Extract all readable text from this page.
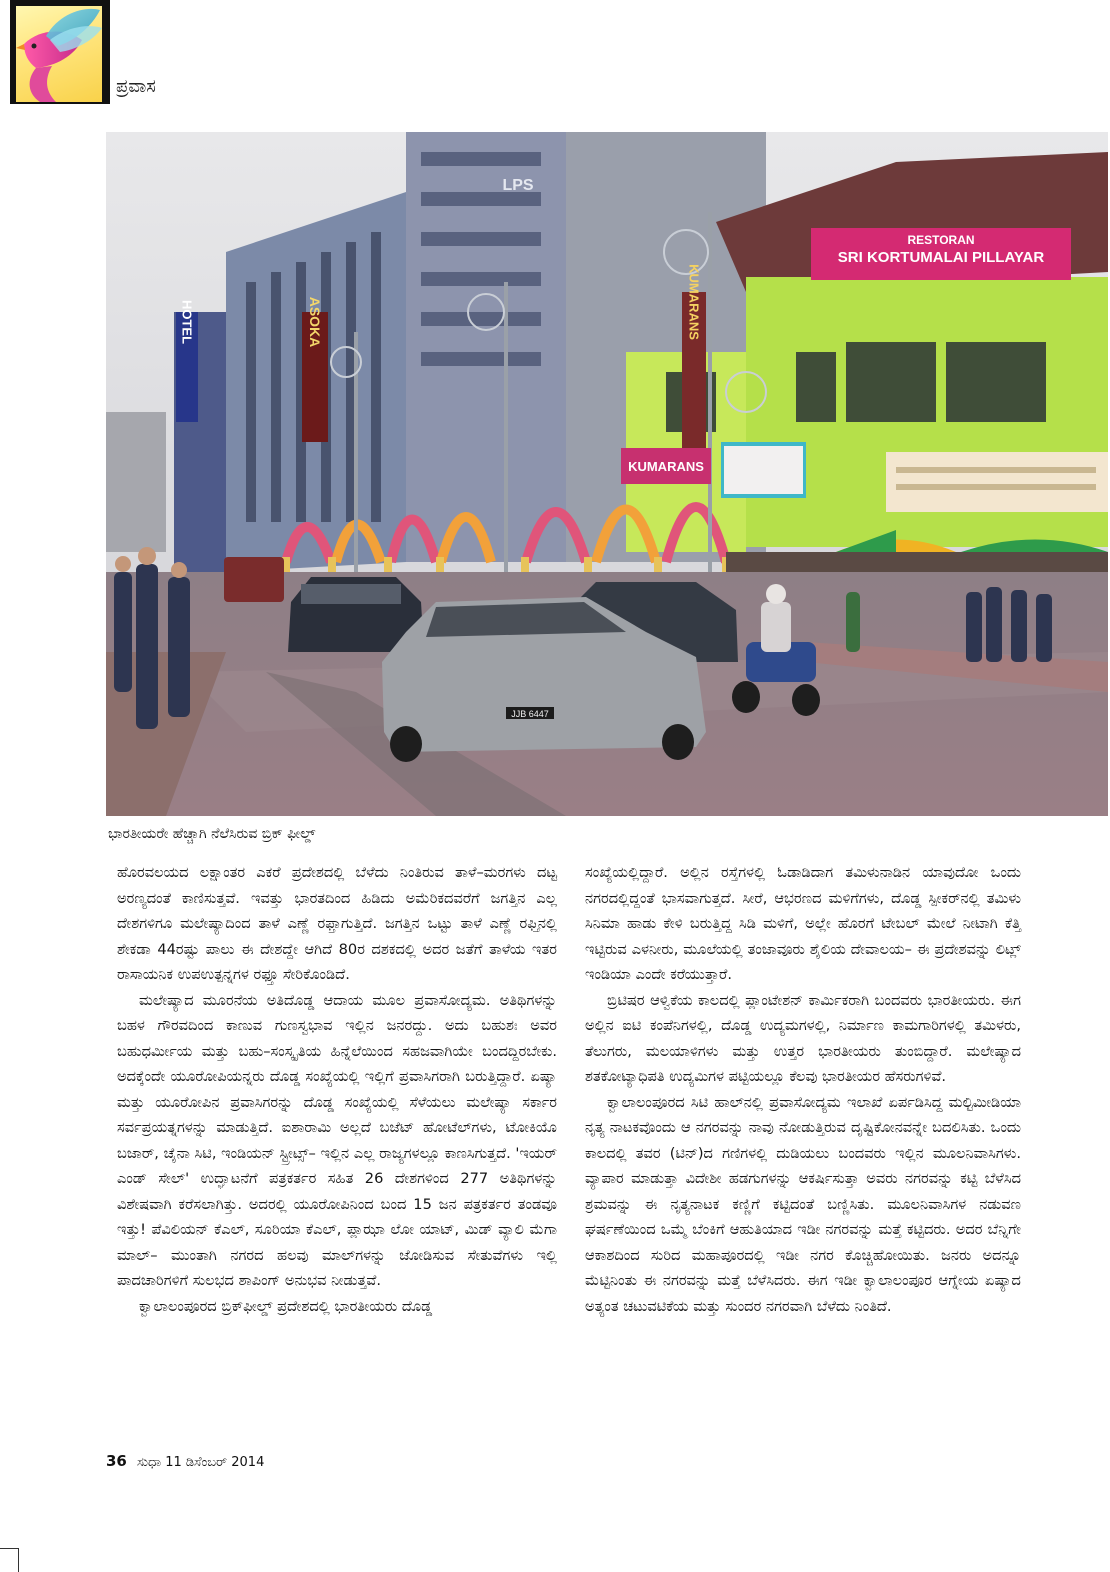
ಪ್ರವಾಸ
JJB 6447
RESTORAN
SRI KORTUMALAI PILLAYAR
HOTEL	ASOKA	KUMARANS
KUMARANS
LPS
ಭಾರತೀಯರೇ ಹೆಚ್ಚಾಗಿ ನೆಲೆಸಿರುವ ಬ್ರಿಕ್ ಫೀಲ್ಡ್

ಹೊರವಲಯದ ಲಕ್ಷಾಂತರ ಎಕರೆ ಪ್ರದೇಶದಲ್ಲಿ ಬೆಳೆದು ನಿಂತಿರುವ ತಾಳೆ–ಮರಗಳು ದಟ್ಟ ಅರಣ್ಯದಂತೆ ಕಾಣಿಸುತ್ತವೆ. ಇವತ್ತು ಭಾರತದಿಂದ ಹಿಡಿದು ಅಮೆರಿಕದವರೆಗೆ ಜಗತ್ತಿನ ಎಲ್ಲ ದೇಶಗಳಿಗೂ ಮಲೇಷ್ಯಾದಿಂದ ತಾಳೆ ಎಣ್ಣೆ ರಫ್ತಾಗುತ್ತಿದೆ. ಜಗತ್ತಿನ ಒಟ್ಟು ತಾಳೆ ಎಣ್ಣೆ ರಫ್ತಿನಲ್ಲಿ ಶೇಕಡಾ 44ರಷ್ಟು ಪಾಲು ಈ ದೇಶದ್ದೇ ಆಗಿದೆ 80ರ ದಶಕದಲ್ಲಿ ಅದರ ಜತೆಗೆ ತಾಳೆಯ ಇತರ ರಾಸಾಯನಿಕ ಉಪಉತ್ಪನ್ನಗಳ ರಫ್ತೂ ಸೇರಿಕೊಂಡಿದೆ.

ಮಲೇಷ್ಯಾದ ಮೂರನೆಯ ಅತಿದೊಡ್ಡ ಆದಾಯ ಮೂಲ ಪ್ರವಾಸೋದ್ಯಮ. ಅತಿಥಿಗಳನ್ನು ಬಹಳ ಗೌರವದಿಂದ ಕಾಣುವ ಗುಣಸ್ವಭಾವ ಇಲ್ಲಿನ ಜನರದ್ದು. ಅದು ಬಹುಶಃ ಅವರ ಬಹುಧರ್ಮೀಯ ಮತ್ತು ಬಹು–ಸಂಸ್ಕೃತಿಯ ಹಿನ್ನೆಲೆಯಿಂದ ಸಹಜವಾಗಿಯೇ ಬಂದದ್ದಿರಬೇಕು. ಅದಕ್ಕೆಂದೇ ಯೂರೋಪಿಯನ್ನರು ದೊಡ್ಡ ಸಂಖ್ಯೆಯಲ್ಲಿ ಇಲ್ಲಿಗೆ ಪ್ರವಾಸಿಗರಾಗಿ ಬರುತ್ತಿದ್ದಾರೆ. ಏಷ್ಯಾ ಮತ್ತು ಯೂರೋಪಿನ ಪ್ರವಾಸಿಗರನ್ನು ದೊಡ್ಡ ಸಂಖ್ಯೆಯಲ್ಲಿ ಸೆಳೆಯಲು ಮಲೇಷ್ಯಾ ಸರ್ಕಾರ ಸರ್ವಪ್ರಯತ್ನಗಳನ್ನು ಮಾಡುತ್ತಿದೆ. ಐಶಾರಾಮಿ ಅಲ್ಲದೆ ಬಜೆಟ್ ಹೋಟೆಲ್‌ಗಳು, ಟೋಕಿಯೊ ಬಜಾರ್, ಚೈನಾ ಸಿಟಿ, ಇಂಡಿಯನ್ ಸ್ಟ್ರೀಟ್ಸ್– ಇಲ್ಲಿನ ಎಲ್ಲ ರಾಜ್ಯಗಳಲ್ಲೂ ಕಾಣಸಿಗುತ್ತದೆ. 'ಇಯರ್ ಎಂಡ್ ಸೇಲ್' ಉದ್ಘಾಟನೆಗೆ ಪತ್ರಕರ್ತರ ಸಹಿತ 26 ದೇಶಗಳಿಂದ 277 ಅತಿಥಿಗಳನ್ನು ವಿಶೇಷವಾಗಿ ಕರೆಸಲಾಗಿತ್ತು. ಅದರಲ್ಲಿ ಯೂರೋಪಿನಿಂದ ಬಂದ 15 ಜನ ಪತ್ರಕರ್ತರ ತಂಡವೂ ಇತ್ತು! ಪೆವಿಲಿಯನ್ ಕೆಎಲ್, ಸೂರಿಯಾ ಕೆಎಲ್, ಪ್ಲಾಝಾ ಲೋ ಯಾಟ್, ಮಿಡ್ ವ್ಯಾಲಿ ಮೆಗಾ ಮಾಲ್– ಮುಂತಾಗಿ ನಗರದ ಹಲವು ಮಾಲ್‌ಗಳನ್ನು ಜೋಡಿಸುವ ಸೇತುವೆಗಳು ಇಲ್ಲಿ ಪಾದಚಾರಿಗಳಿಗೆ ಸುಲಭದ ಶಾಪಿಂಗ್ ಅನುಭವ ನೀಡುತ್ತವೆ.

ಕ್ವಾಲಾಲಂಪೂರದ ಬ್ರಿಕ್‌ಫೀಲ್ಡ್ ಪ್ರದೇಶದಲ್ಲಿ ಭಾರತೀಯರು ದೊಡ್ಡ

ಸಂಖ್ಯೆಯಲ್ಲಿದ್ದಾರೆ. ಅಲ್ಲಿನ ರಸ್ತೆಗಳಲ್ಲಿ ಓಡಾಡಿದಾಗ ತಮಿಳುನಾಡಿನ ಯಾವುದೋ ಒಂದು ನಗರದಲ್ಲಿದ್ದಂತೆ ಭಾಸವಾಗುತ್ತದೆ. ಸೀರೆ, ಆಭರಣದ ಮಳಿಗೆಗಳು, ದೊಡ್ಡ ಸ್ಪೀಕರ್‌ನಲ್ಲಿ ತಮಿಳು ಸಿನಿಮಾ ಹಾಡು ಕೇಳಿ ಬರುತ್ತಿದ್ದ ಸಿಡಿ ಮಳಿಗೆ, ಅಲ್ಲೇ ಹೊರಗೆ ಟೇಬಲ್ ಮೇಲೆ ನೀಟಾಗಿ ಕೆತ್ತಿ ಇಟ್ಟಿರುವ ಎಳನೀರು, ಮೂಲೆಯಲ್ಲಿ ತಂಜಾವೂರು ಶೈಲಿಯ ದೇವಾಲಯ– ಈ ಪ್ರದೇಶವನ್ನು ಲಿಟ್ಲ್ ಇಂಡಿಯಾ ಎಂದೇ ಕರೆಯುತ್ತಾರೆ.

ಬ್ರಿಟಿಷರ ಆಳ್ವಿಕೆಯ ಕಾಲದಲ್ಲಿ ಪ್ಲಾಂಟೇಶನ್ ಕಾರ್ಮಿಕರಾಗಿ ಬಂದವರು ಭಾರತೀಯರು. ಈಗ ಅಲ್ಲಿನ ಐಟಿ ಕಂಪೆನಿಗಳಲ್ಲಿ, ದೊಡ್ಡ ಉದ್ಯಮಗಳಲ್ಲಿ, ನಿರ್ಮಾಣ ಕಾಮಗಾರಿಗಳಲ್ಲಿ ತಮಿಳರು, ತೆಲುಗರು, ಮಲಯಾಳಿಗಳು ಮತ್ತು ಉತ್ತರ ಭಾರತೀಯರು ತುಂಬಿದ್ದಾರೆ. ಮಲೇಷ್ಯಾದ ಶತಕೋಟ್ಯಾಧಿಪತಿ ಉದ್ಯಮಿಗಳ ಪಟ್ಟಿಯಲ್ಲೂ ಕೆಲವು ಭಾರತೀಯರ ಹೆಸರುಗಳಿವೆ.

ಕ್ವಾಲಾಲಂಪೂರದ ಸಿಟಿ ಹಾಲ್‌ನಲ್ಲಿ ಪ್ರವಾಸೋದ್ಯಮ ಇಲಾಖೆ ಏರ್ಪಡಿಸಿದ್ದ ಮಲ್ಟಿಮೀಡಿಯಾ ನೃತ್ಯ ನಾಟಕವೊಂದು ಆ ನಗರವನ್ನು ನಾವು ನೋಡುತ್ತಿರುವ ದೃಷ್ಟಿಕೋನವನ್ನೇ ಬದಲಿಸಿತು. ಒಂದು ಕಾಲದಲ್ಲಿ ತವರ (ಟಿನ್)ದ ಗಣಿಗಳಲ್ಲಿ ದುಡಿಯಲು ಬಂದವರು ಇಲ್ಲಿನ ಮೂಲನಿವಾಸಿಗಳು. ವ್ಯಾಪಾರ ಮಾಡುತ್ತಾ ವಿದೇಶೀ ಹಡಗುಗಳನ್ನು ಆಕರ್ಷಿಸುತ್ತಾ ಅವರು ನಗರವನ್ನು ಕಟ್ಟಿ ಬೆಳೆಸಿದ ಶ್ರಮವನ್ನು ಈ ನೃತ್ಯನಾಟಕ ಕಣ್ಣಿಗೆ ಕಟ್ಟಿದಂತೆ ಬಣ್ಣಿಸಿತು. ಮೂಲನಿವಾಸಿಗಳ ನಡುವಣ ಘರ್ಷಣೆಯಿಂದ ಒಮ್ಮೆ ಬೆಂಕಿಗೆ ಆಹುತಿಯಾದ ಇಡೀ ನಗರವನ್ನು ಮತ್ತೆ ಕಟ್ಟಿದರು. ಅದರ ಬೆನ್ನಿಗೇ ಆಕಾಶದಿಂದ ಸುರಿದ ಮಹಾಪೂರದಲ್ಲಿ ಇಡೀ ನಗರ ಕೊಚ್ಚಿಹೋಯಿತು. ಜನರು ಅದನ್ನೂ ಮೆಟ್ಟಿನಿಂತು ಈ ನಗರವನ್ನು ಮತ್ತೆ ಬೆಳೆಸಿದರು. ಈಗ ಇಡೀ ಕ್ವಾಲಾಲಂಪೂರ ಆಗ್ನೇಯ ಏಷ್ಯಾದ ಅತ್ಯಂತ ಚಟುವಟಿಕೆಯ ಮತ್ತು ಸುಂದರ ನಗರವಾಗಿ ಬೆಳೆದು ನಿಂತಿದೆ.

36 ಸುಧಾ 11 ಡಿಸೆಂಬರ್ 2014
